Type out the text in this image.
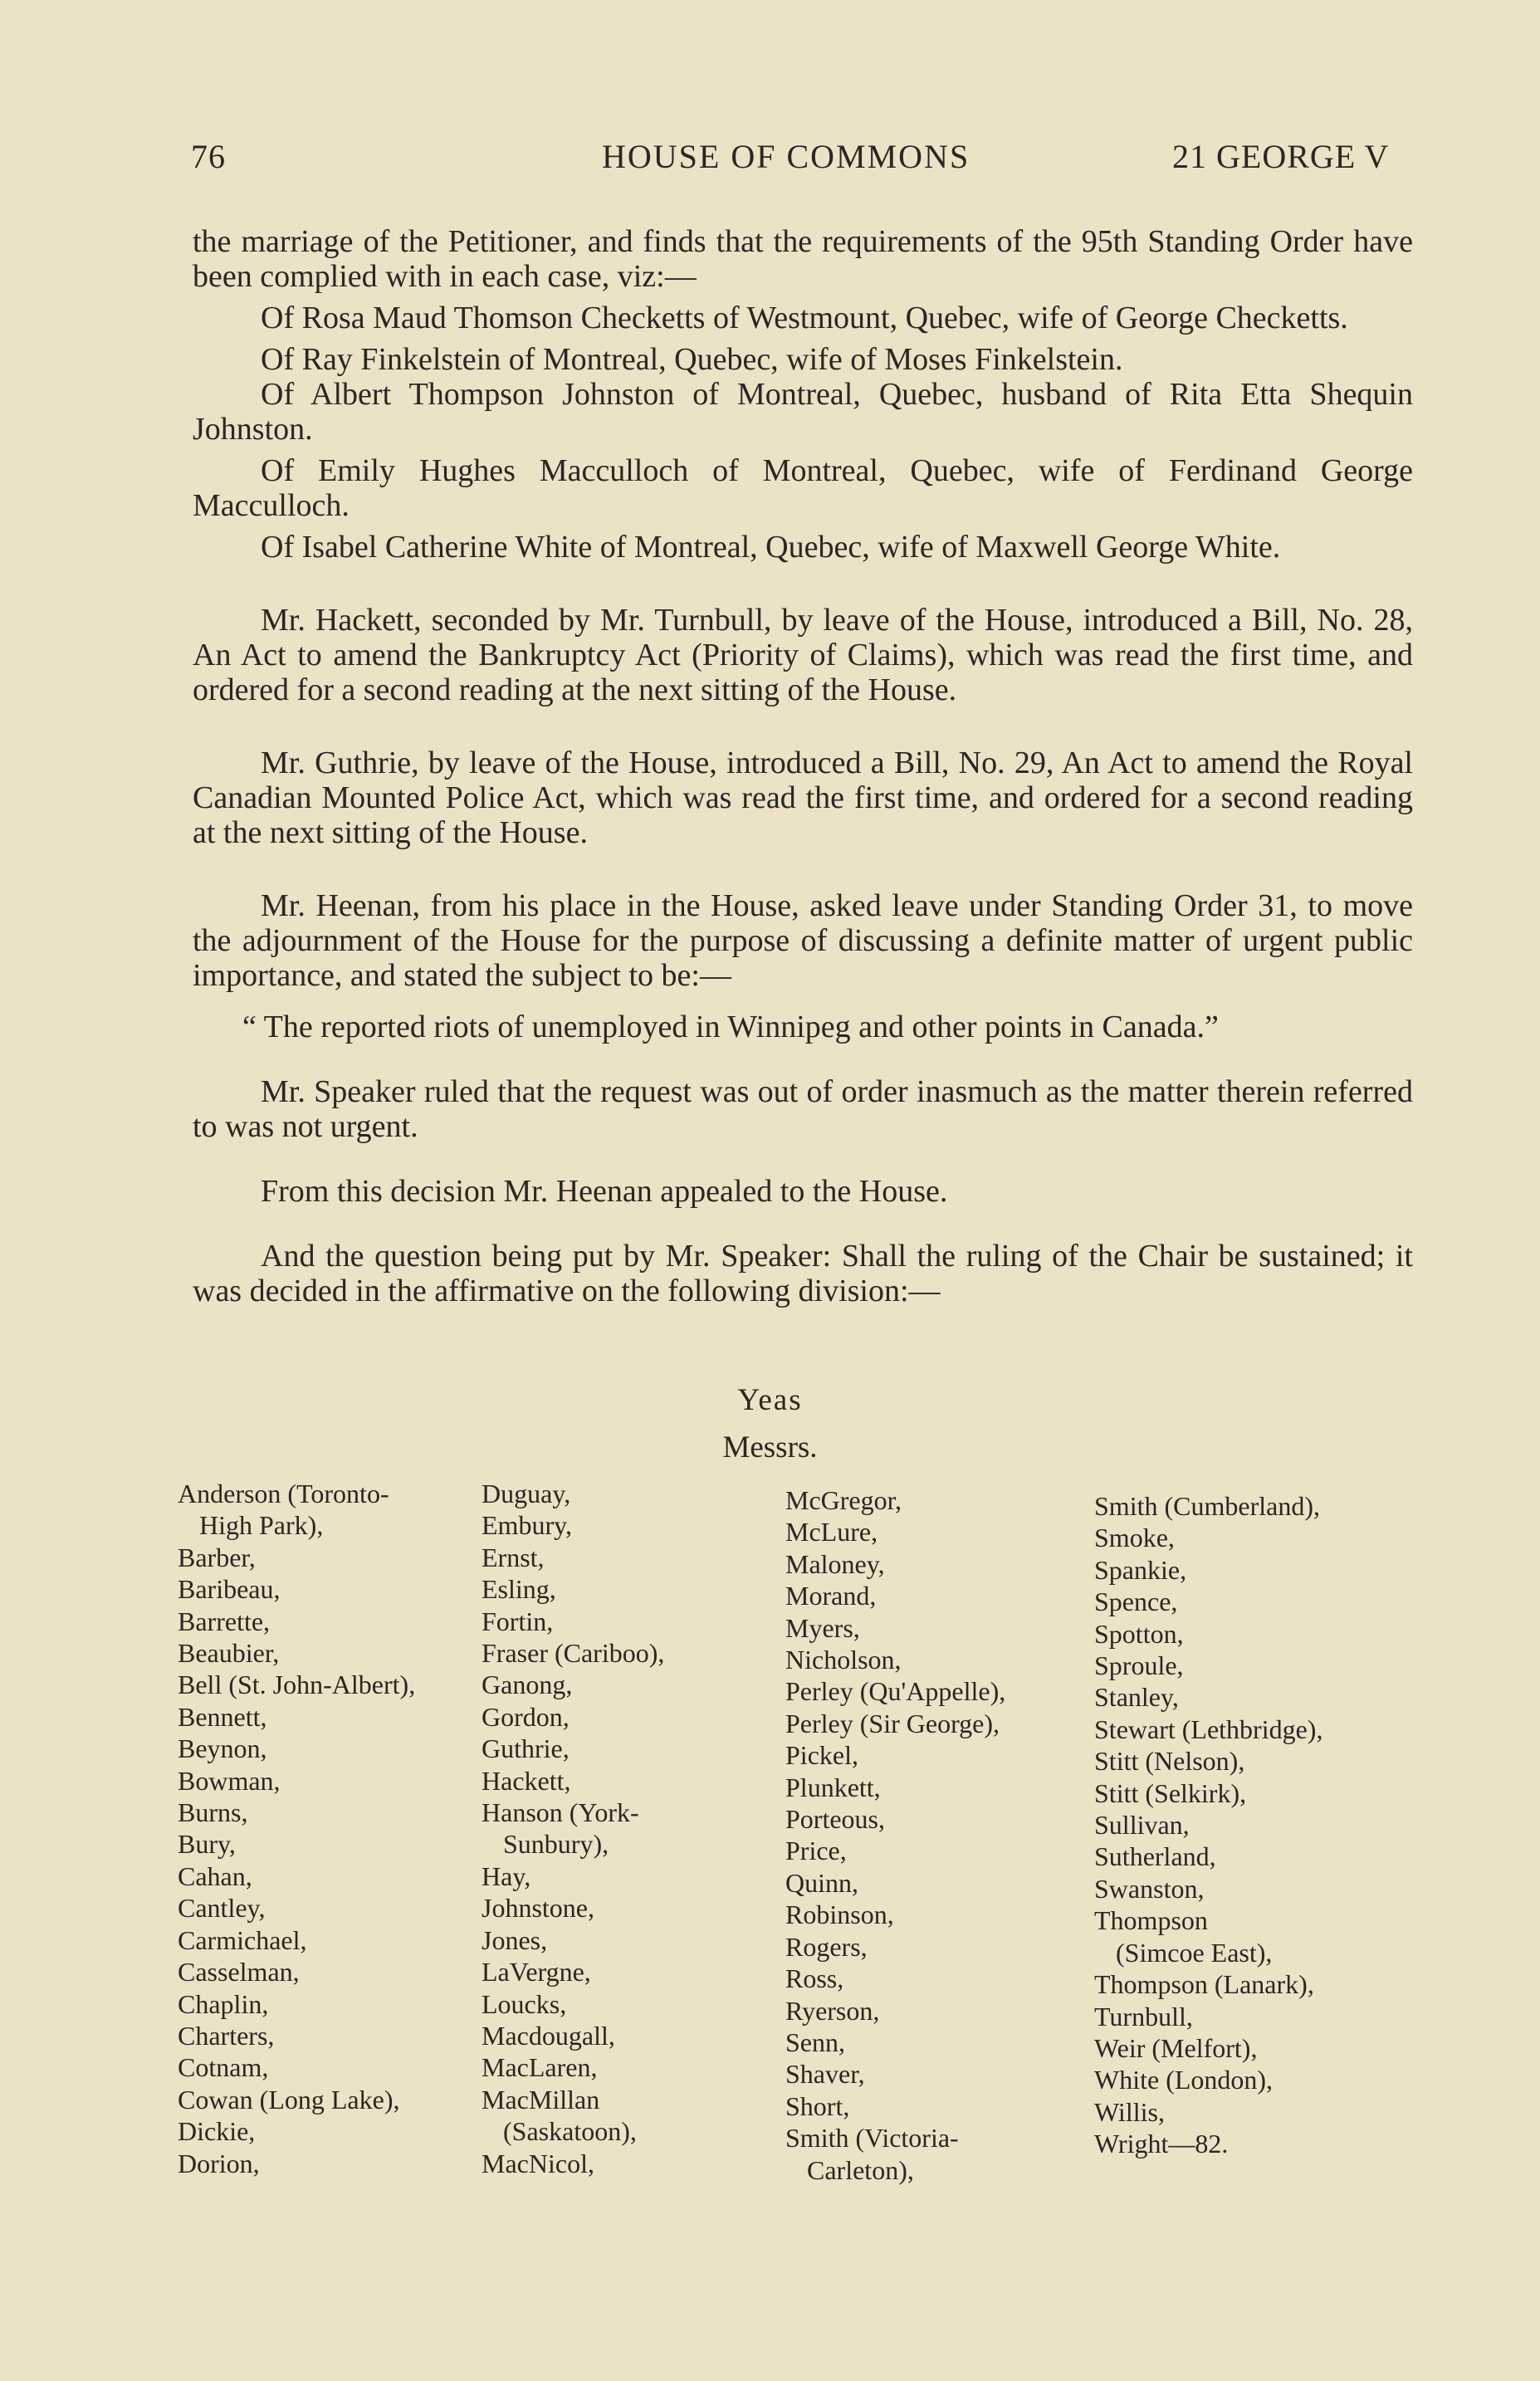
76	HOUSE OF COMMONS	21 GEORGE V

the marriage of the Petitioner, and finds that the requirements of the 95th Standing Order have been complied with in each case, viz:—

Of Rosa Maud Thomson Checketts of Westmount, Quebec, wife of George Checketts.

Of Ray Finkelstein of Montreal, Quebec, wife of Moses Finkelstein.

Of Albert Thompson Johnston of Montreal, Quebec, husband of Rita Etta Shequin Johnston.

Of Emily Hughes Macculloch of Montreal, Quebec, wife of Ferdinand George Macculloch.

Of Isabel Catherine White of Montreal, Quebec, wife of Maxwell George White.

Mr. Hackett, seconded by Mr. Turnbull, by leave of the House, introduced a Bill, No. 28, An Act to amend the Bankruptcy Act (Priority of Claims), which was read the first time, and ordered for a second reading at the next sitting of the House.

Mr. Guthrie, by leave of the House, introduced a Bill, No. 29, An Act to amend the Royal Canadian Mounted Police Act, which was read the first time, and ordered for a second reading at the next sitting of the House.

Mr. Heenan, from his place in the House, asked leave under Standing Order 31, to move the adjournment of the House for the purpose of discussing a definite matter of urgent public importance, and stated the subject to be:—

“ The reported riots of unemployed in Winnipeg and other points in Canada.”

Mr. Speaker ruled that the request was out of order inasmuch as the matter therein referred to was not urgent.

From this decision Mr. Heenan appealed to the House.

And the question being put by Mr. Speaker: Shall the ruling of the Chair be sustained; it was decided in the affirmative on the following division:—

Yeas
Messrs.
Anderson (Toronto-
High Park),
Barber,
Baribeau,
Barrette,
Beaubier,
Bell (St. John-Albert),
Bennett,
Beynon,
Bowman,
Burns,
Bury,
Cahan,
Cantley,
Carmichael,
Casselman,
Chaplin,
Charters,
Cotnam,
Cowan (Long Lake),
Dickie,
Dorion,
Duguay,
Embury,
Ernst,
Esling,
Fortin,
Fraser (Cariboo),
Ganong,
Gordon,
Guthrie,
Hackett,
Hanson (York-
Sunbury),
Hay,
Johnstone,
Jones,
LaVergne,
Loucks,
Macdougall,
MacLaren,
MacMillan
(Saskatoon),
MacNicol,
McGregor,
McLure,
Maloney,
Morand,
Myers,
Nicholson,
Perley (Qu'Appelle),
Perley (Sir George),
Pickel,
Plunkett,
Porteous,
Price,
Quinn,
Robinson,
Rogers,
Ross,
Ryerson,
Senn,
Shaver,
Short,
Smith (Victoria-
Carleton),
Smith (Cumberland),
Smoke,
Spankie,
Spence,
Spotton,
Sproule,
Stanley,
Stewart (Lethbridge),
Stitt (Nelson),
Stitt (Selkirk),
Sullivan,
Sutherland,
Swanston,
Thompson
(Simcoe East),
Thompson (Lanark),
Turnbull,
Weir (Melfort),
White (London),
Willis,
Wright—82.
